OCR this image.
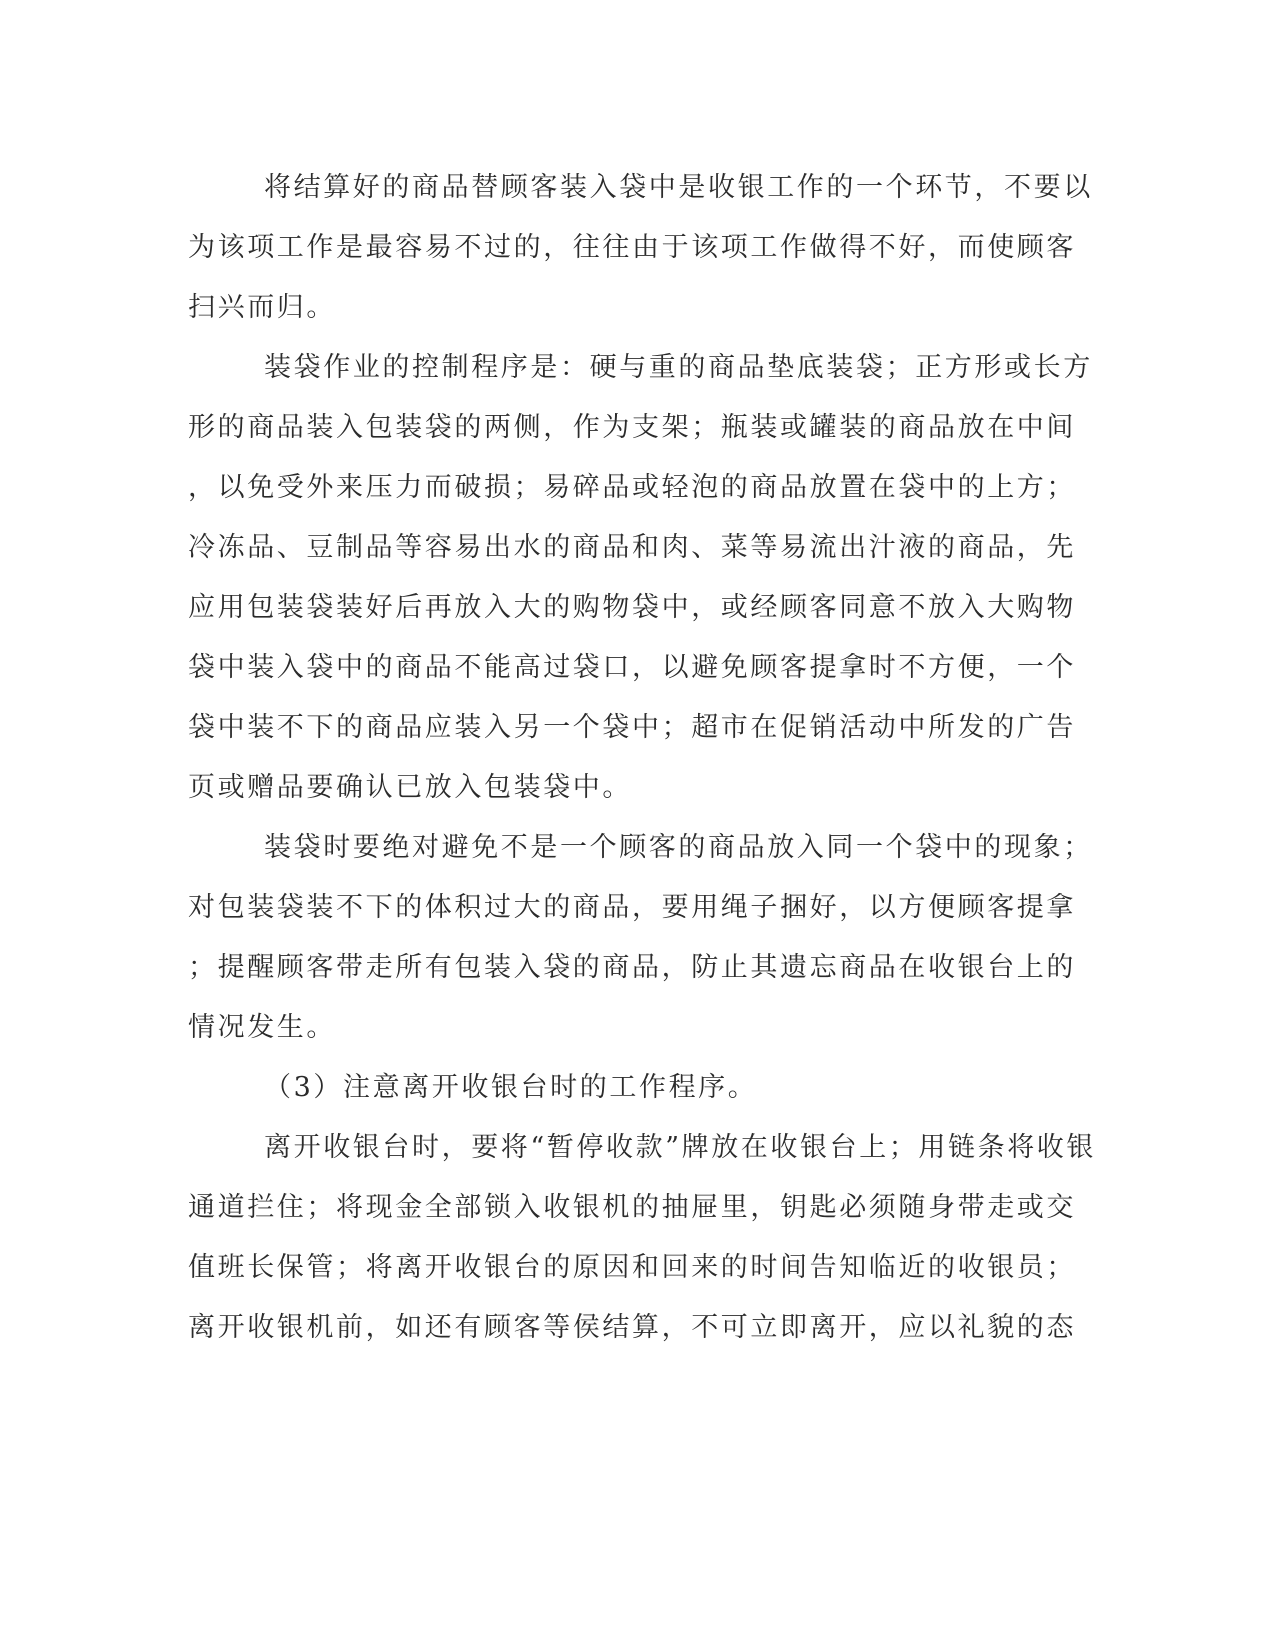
将结算好的商品替顾客装入袋中是收银工作的一个环节，不要以
为该项工作是最容易不过的，往往由于该项工作做得不好，而使顾客
扫兴而归。
装袋作业的控制程序是：硬与重的商品垫底装袋；正方形或长方
形的商品装入包装袋的两侧，作为支架；瓶装或罐装的商品放在中间
，以免受外来压力而破损；易碎品或轻泡的商品放置在袋中的上方；
冷冻品、豆制品等容易出水的商品和肉、菜等易流出汁液的商品，先
应用包装袋装好后再放入大的购物袋中，或经顾客同意不放入大购物
袋中装入袋中的商品不能高过袋口，以避免顾客提拿时不方便，一个
袋中装不下的商品应装入另一个袋中；超市在促销活动中所发的广告
页或赠品要确认已放入包装袋中。
装袋时要绝对避免不是一个顾客的商品放入同一个袋中的现象；
对包装袋装不下的体积过大的商品，要用绳子捆好，以方便顾客提拿
；提醒顾客带走所有包装入袋的商品，防止其遗忘商品在收银台上的
情况发生。
（3）注意离开收银台时的工作程序。
离开收银台时，要将“暂停收款”牌放在收银台上；用链条将收银
通道拦住；将现金全部锁入收银机的抽屉里，钥匙必须随身带走或交
值班长保管；将离开收银台的原因和回来的时间告知临近的收银员；
离开收银机前，如还有顾客等侯结算，不可立即离开，应以礼貌的态
